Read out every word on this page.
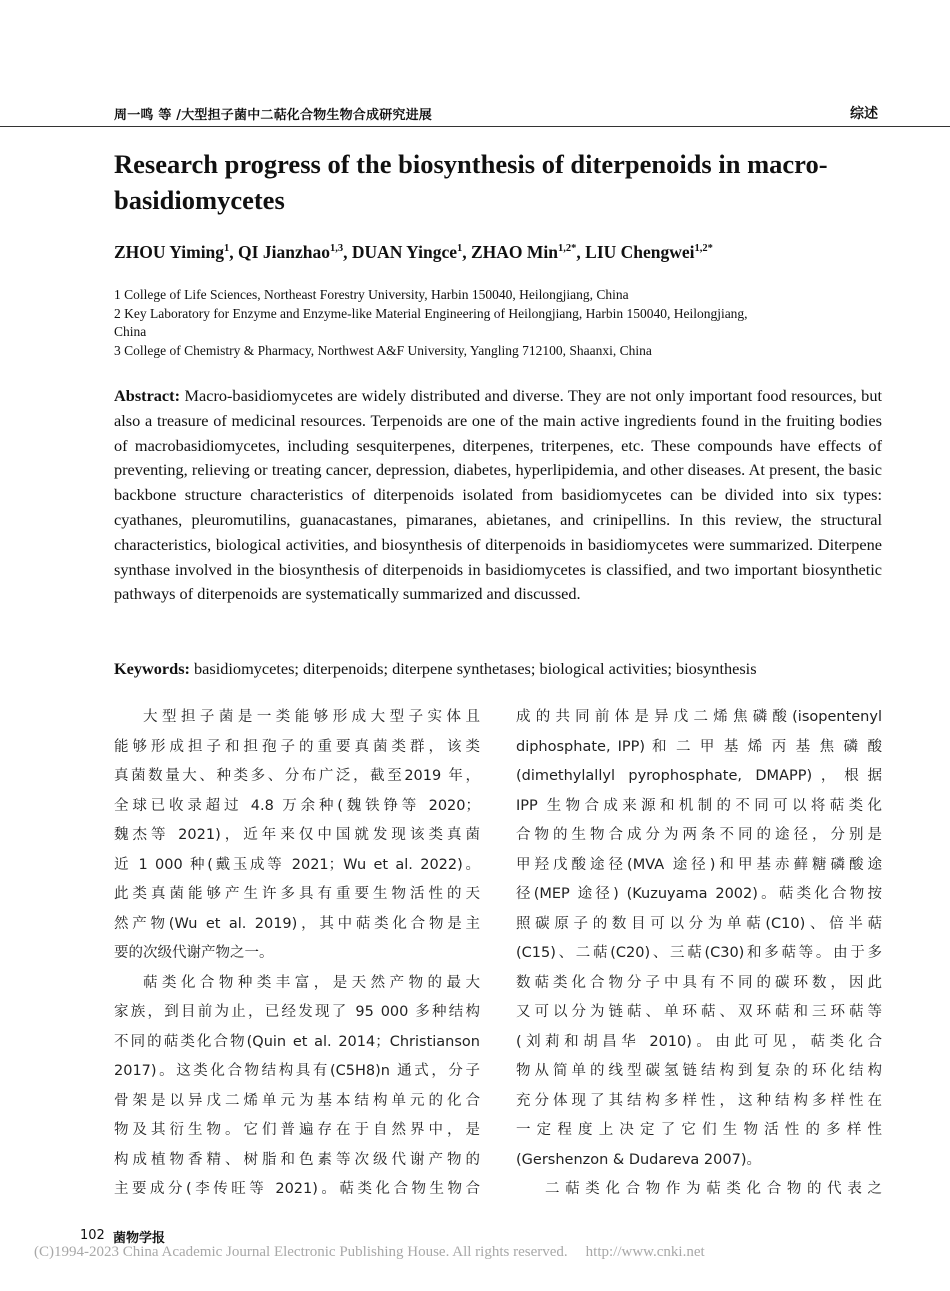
周一鸣 等 /大型担子菌中二萜化合物生物合成研究进展	综述
Research progress of the biosynthesis of diterpenoids in macro-basidiomycetes
ZHOU Yiming$^1$, QI Jianzhao$^{1,3}$, DUAN Yingce$^1$, ZHAO Min$^{1,2*}$, LIU Chengwei$^{1,2*}$
1 College of Life Sciences, Northeast Forestry University, Harbin 150040, Heilongjiang, China
2 Key Laboratory for Enzyme and Enzyme-like Material Engineering of Heilongjiang, Harbin 150040, Heilongjiang,
China
3 College of Chemistry & Pharmacy, Northwest A&F University, Yangling 712100, Shaanxi, China
Abstract: Macro-basidiomycetes are widely distributed and diverse. They are not only important food resources, but also a treasure of medicinal resources. Terpenoids are one of the main active ingredients found in the fruiting bodies of macrobasidiomycetes, including sesquiterpenes, diterpenes, triterpenes, etc. These compounds have effects of preventing, relieving or treating cancer, depression, diabetes, hyperlipidemia, and other diseases. At present, the basic backbone structure characteristics of diterpenoids isolated from basidiomycetes can be divided into six types: cyathanes, pleuromutilins, guanacastanes, pimaranes, abietanes, and crinipellins. In this review, the structural characteristics, biological activities, and biosynthesis of diterpenoids in basidiomycetes were summarized. Diterpene synthase involved in the biosynthesis of diterpenoids in basidiomycetes is classified, and two important biosynthetic pathways of diterpenoids are systematically summarized and discussed.
Keywords: basidiomycetes; diterpenoids; diterpene synthetases; biological activities; biosynthesis
大型担子菌是一类能够形成大型子实体且
能够形成担子和担孢子的重要真菌类群，该类
真菌数量大、种类多、分布广泛，截至2019 年，
全球已收录超过 4.8 万余种(魏铁铮等 2020；
魏杰等 2021)，近年来仅中国就发现该类真菌
近 1 000 种(戴玉成等 2021；Wu et al. 2022)。
此类真菌能够产生许多具有重要生物活性的天
然产物(Wu et al. 2019)，其中萜类化合物是主
要的次级代谢产物之一。
萜类化合物种类丰富，是天然产物的最大
家族，到目前为止，已经发现了 95 000 多种结构
不同的萜类化合物(Quin et al. 2014；Christianson
2017)。这类化合物结构具有(C5H8)n 通式，分子
骨架是以异戊二烯单元为基本结构单元的化合
物及其衍生物。它们普遍存在于自然界中，是
构成植物香精、树脂和色素等次级代谢产物的
主要成分(李传旺等 2021)。萜类化合物生物合
成的共同前体是异戊二烯焦磷酸(isopentenyl
diphosphate, IPP) 和 二 甲 基 烯 丙 基 焦 磷 酸
(dimethylallyl pyrophosphate, DMAPP)，根据
IPP 生物合成来源和机制的不同可以将萜类化
合物的生物合成分为两条不同的途径，分别是
甲羟戊酸途径(MVA 途径)和甲基赤藓糖磷酸途
径(MEP 途径) (Kuzuyama 2002)。萜类化合物按
照碳原子的数目可以分为单萜(C10)、倍半萜
(C15)、二萜(C20)、三萜(C30)和多萜等。由于多
数萜类化合物分子中具有不同的碳环数，因此
又可以分为链萜、单环萜、双环萜和三环萜等
(刘莉和胡昌华 2010)。由此可见，萜类化合
物从简单的线型碳氢链结构到复杂的环化结构
充分体现了其结构多样性，这种结构多样性在
一定程度上决定了它们生物活性的多样性
(Gershenzon & Dudareva 2007)。
二萜类化合物作为萜类化合物的代表之
102 菌物学报
(C)1994-2023 China Academic Journal Electronic Publishing House. All rights reserved. http://www.cnki.net
